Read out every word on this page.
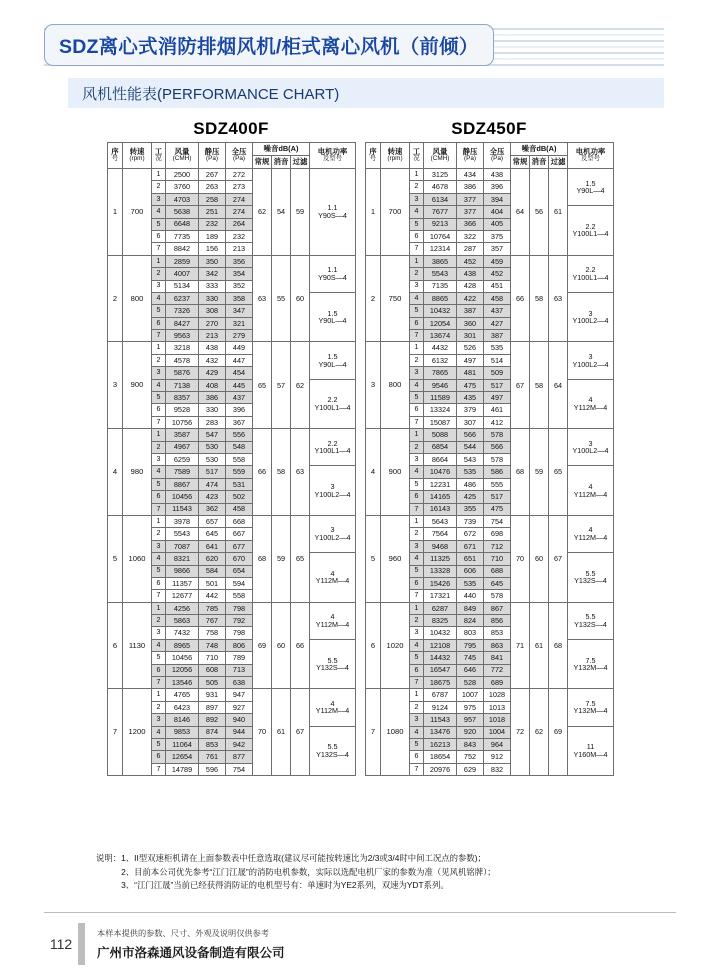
SDZ离心式消防排烟风机/柜式离心风机（前倾）
风机性能表(PERFORMANCE CHART)
SDZ400F
序
号	转速
(rpm)	工
况	风量
(CMH)	静压
(Pa)	全压
(Pa)	噪音dB(A)			电机功率
及型号

						常规	消音	过滤	
1	700	1	2500	267	272	62	54	59	1.1
Y90S—4

		2	3760	263	273				
		3	4703	258	274				
		4	5638	251	274				
		5	6648	232	264				
		6	7735	189	232				
		7	8842	156	213				
2	800	1	2859	350	356	63	55	60	1.1
Y90S—4

		2	4007	342	354				
		3	5134	333	352				
		4	6237	330	358				1.5
Y90L—4

		5	7326	308	347				
		6	8427	270	321				
		7	9563	213	279				
3	900	1	3218	438	449	65	57	62	1.5
Y90L—4

		2	4578	432	447				
		3	5876	429	454				
		4	7138	408	445				2.2
Y100L1—4

		5	8357	386	437				
		6	9528	330	396				
		7	10756	283	367				
4	980	1	3587	547	556	66	58	63	2.2
Y100L1—4

		2	4967	530	548				
		3	6259	530	558				
		4	7589	517	559				3
Y100L2—4

		5	8867	474	531				
		6	10456	423	502				
		7	11543	362	458				
5	1060	1	3978	657	668	68	59	65	3
Y100L2—4

		2	5543	645	667				
		3	7087	641	677				
		4	8321	620	670				4
Y112M—4

		5	9866	584	654				
		6	11357	501	594				
		7	12677	442	558				
6	1130	1	4256	785	798	69	60	66	4
Y112M—4

		2	5863	767	792				
		3	7432	758	798				
		4	8965	748	806				5.5
Y132S—4

		5	10456	710	789				
		6	12056	608	713				
		7	13546	505	638				
7	1200	1	4765	931	947	70	61	67	4
Y112M—4

		2	6423	897	927				
		3	8146	892	940				
		4	9853	874	944				5.5
Y132S—4

		5	11064	853	942				
		6	12654	761	877				
		7	14789	596	754				
SDZ450F
序
号	转速
(rpm)	工
况	风量
(CMH)	静压
(Pa)	全压
(Pa)	噪音dB(A)			电机功率
及型号

						常规	消音	过滤	
1	700	1	3125	434	438	64	56	61	1.5
Y90L—4

		2	4678	386	396				
		3	6134	377	394				
		4	7677	377	404				2.2
Y100L1—4

		5	9213	366	405				
		6	10764	322	375				
		7	12314	287	357				
2	750	1	3865	452	459	66	58	63	2.2
Y100L1—4

		2	5543	438	452				
		3	7135	428	451				
		4	8865	422	458				3
Y100L2—4

		5	10432	387	437				
		6	12054	360	427				
		7	13674	301	387				
3	800	1	4432	526	535	67	58	64	3
Y100L2—4

		2	6132	497	514				
		3	7865	481	509				
		4	9546	475	517				4
Y112M—4

		5	11589	435	497				
		6	13324	379	461				
		7	15087	307	412				
4	900	1	5088	566	578	68	59	65	3
Y100L2—4

		2	6854	544	566				
		3	8664	543	578				
		4	10476	535	586				4
Y112M—4

		5	12231	486	555				
		6	14165	425	517				
		7	16143	355	475				
5	960	1	5643	739	754	70	60	67	4
Y112M—4

		2	7564	672	698				
		3	9468	671	712				
		4	11325	651	710				5.5
Y132S—4

		5	13328	606	688				
		6	15426	535	645				
		7	17321	440	578				
6	1020	1	6287	849	867	71	61	68	5.5
Y132S—4

		2	8325	824	856				
		3	10432	803	853				
		4	12108	795	863				7.5
Y132M—4

		5	14432	745	841				
		6	16547	646	772				
		7	18675	528	689				
7	1080	1	6787	1007	1028	72	62	69	7.5
Y132M—4

		2	9124	975	1013				
		3	11543	957	1018				
		4	13476	920	1004				11
Y160M—4

		5	16213	843	964				
		6	18654	752	912				
		7	20976	629	832				
说明： 1、II型双速柜机请在上面参数表中任意选取(建议尽可能按转速比为2/3或3/4时中间工况点的参数)；
2、目前本公司优先参考“江门江晟”的消防电机参数，实际以选配电机厂家的参数为准（见风机铭牌）；
3、“江门江晟”当前已经获得消防证的电机型号有：单速时为YE2系列，双速为YDT系列。
112
本样本提供的参数、尺寸、外观及说明仅供参考
广州市洛森通风设备制造有限公司
